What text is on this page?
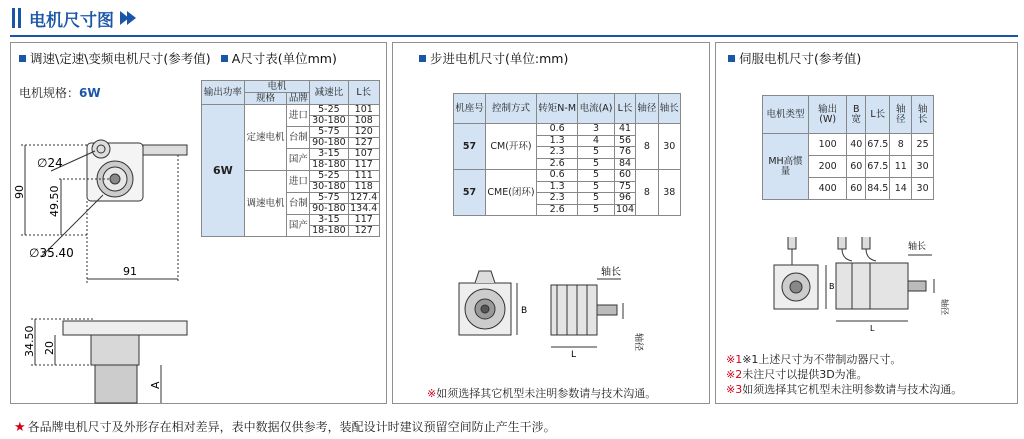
电机尺寸图
调速\定速\变频电机尺寸(参考值) A尺寸表(单位mm)
电机规格：6W
∅24
∅35.40
90 49.50
91
34.50 20
A
输出功率	电机		减速比	L长
	规格	品牌		
6W	定速电机	进口	5-25	101
			30-180	108
		台制	5-75	120
			90-180	127
		国产	3-15	107
			18-180	117
	调速电机	进口	5-25	111
			30-180	118
		台制	5-75	127.4
			90-180	134.4
		国产	3-15	117
			18-180	127
步进电机尺寸(单位:mm)
机座号	控制方式	转矩N-M	电流(A)	L长	轴径	轴长
57	CM(开环)	0.6	3	41	8	30
		1.3	4	56		
		2.3	5	76		
		2.6	5	84		
57	CME(闭环)	0.6	5	60	8	38
		1.3	5	75		
		2.3	5	96		
		2.6	5	104		
轴长
B
L
轴径
※如须选择其它机型未注明参数请与技术沟通。
伺服电机尺寸(参考值)
电机类型	输出(W)	B宽	L长	轴径	轴长
MH高惯量	100	40	67.5	8	25
	200	60	67.5	11	30
	400	60	84.5	14	30
轴长
B
L
轴径
※1※1上述尺寸为不带制动器尺寸。
※2未注尺寸以提供3D为准。
※3如须选择其它机型未注明参数请与技术沟通。
★ 各品牌电机尺寸及外形存在相对差异，表中数据仅供参考，装配设计时建议预留空间防止产生干涉。
